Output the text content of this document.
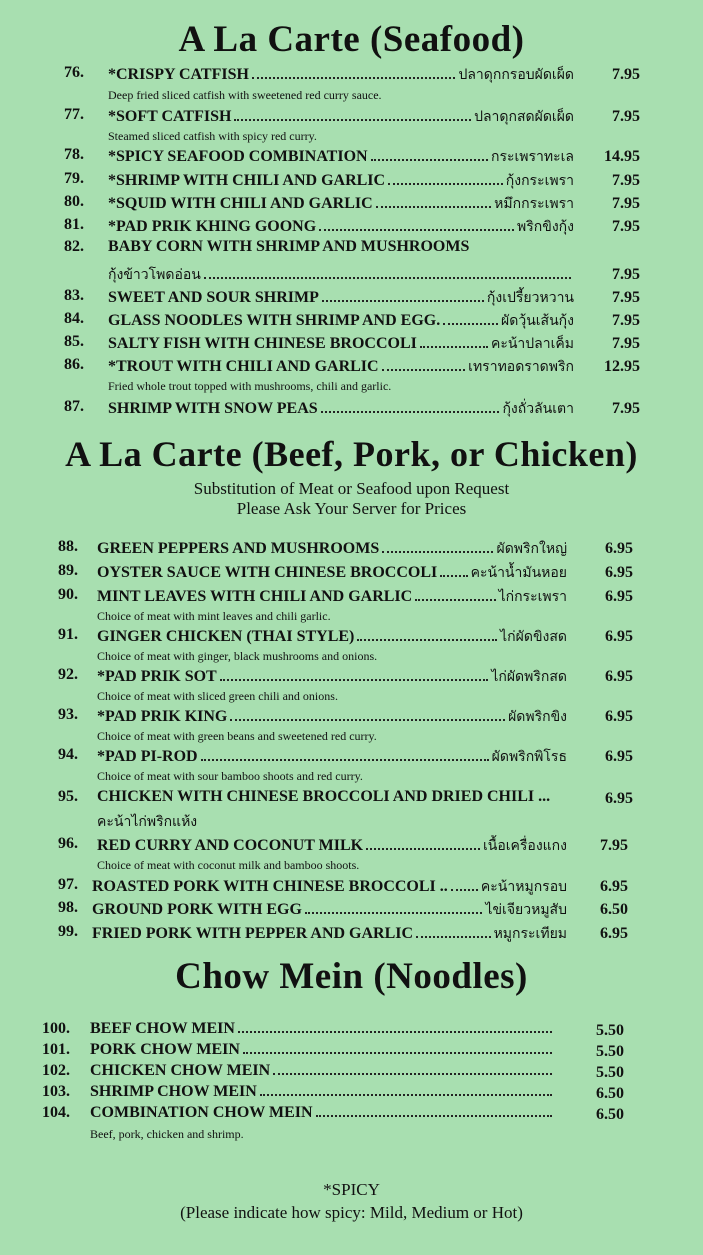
A La Carte (Seafood)
76. *CRISPY CATFISH	ปลาดุกกรอบผัดเผ็ด 7.95
Deep fried sliced catfish with sweetened red curry sauce.
77. *SOFT CATFISH	ปลาดุกสดผัดเผ็ด 7.95
Steamed sliced catfish with spicy red curry.
78. *SPICY SEAFOOD COMBINATION	กระเพราทะเล 14.95
79. *SHRIMP WITH CHILI AND GARLIC	กุ้งกระเพรา 7.95
80. *SQUID WITH CHILI AND GARLIC	หมึกกระเพรา 7.95
81. *PAD PRIK KHING GOONG	พริกขิงกุ้ง 7.95
82. BABY CORN WITH SHRIMP AND MUSHROOMS
กุ้งข้าวโพดอ่อน	7.95
83. SWEET AND SOUR SHRIMP	กุ้งเปรี้ยวหวาน 7.95
84. GLASS NOODLES WITH SHRIMP AND EGG.	ผัดวุ้นเส้นกุ้ง 7.95
85. SALTY FISH WITH CHINESE BROCCOLI	คะน้าปลาเค็ม 7.95
86. *TROUT WITH CHILI AND GARLIC	เทราทอดราดพริก 12.95
Fried whole trout topped with mushrooms, chili and garlic.
87. SHRIMP WITH SNOW PEAS	กุ้งถั่วลันเตา 7.95
A La Carte (Beef, Pork, or Chicken)
Substitution of Meat or Seafood upon Request
Please Ask Your Server for Prices
88. GREEN PEPPERS AND MUSHROOMS	ผัดพริกใหญ่ 6.95
89. OYSTER SAUCE WITH CHINESE BROCCOLI คะน้าน้ำมันหอย 6.95
90. MINT LEAVES WITH CHILI AND GARLIC	ไก่กระเพรา 6.95
Choice of meat with mint leaves and chili garlic.
91. GINGER CHICKEN (THAI STYLE)	ไก่ผัดขิงสด 6.95
Choice of meat with ginger, black mushrooms and onions.
92. *PAD PRIK SOT	ไก่ผัดพริกสด 6.95
Choice of meat with sliced green chili and onions.
93. *PAD PRIK KING	ผัดพริกขิง 6.95
Choice of meat with green beans and sweetened red curry.
94. *PAD PI-ROD	ผัดพริกพิโรธ 6.95
Choice of meat with sour bamboo shoots and red curry.
95. CHICKEN WITH CHINESE BROCCOLI AND DRIED CHILI ...	6.95
คะน้าไก่พริกแห้ง
96. RED CURRY AND COCONUT MILK	เนื้อเครื่องแกง 7.95
Choice of meat with coconut milk and bamboo shoots.
97. ROASTED PORK WITH CHINESE BROCCOLI .. คะน้าหมูกรอบ 6.95
98. GROUND PORK WITH EGG	ไข่เจียวหมูสับ 6.50
99. FRIED PORK WITH PEPPER AND GARLIC	หมูกระเทียม 6.95
Chow Mein (Noodles)
100. BEEF CHOW MEIN	5.50
101. PORK CHOW MEIN	5.50
102. CHICKEN CHOW MEIN	5.50
103. SHRIMP CHOW MEIN	6.50
104. COMBINATION CHOW MEIN	6.50
Beef, pork, chicken and shrimp.
*SPICY
(Please indicate how spicy: Mild, Medium or Hot)
